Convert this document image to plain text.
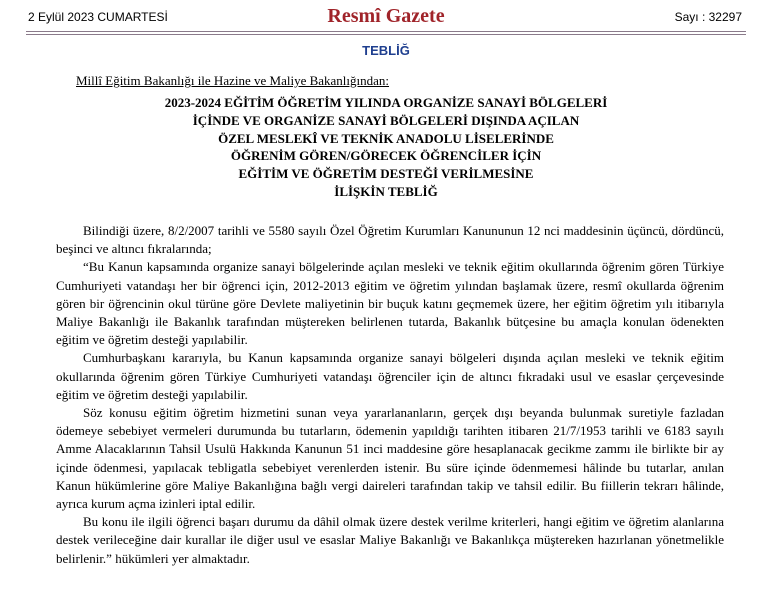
2 Eylül 2023 CUMARTESİ	Resmî Gazete	Sayı : 32297
TEBLİĞ
Millî Eğitim Bakanlığı ile Hazine ve Maliye Bakanlığından:
2023-2024 EĞİTİM ÖĞRETİM YILINDA ORGANİZE SANAYİ BÖLGELERİ
İÇİNDE VE ORGANİZE SANAYİ BÖLGELERİ DIŞINDA AÇILAN
ÖZEL MESLEKÎ VE TEKNİK ANADOLU LİSELERİNDE
ÖĞRENİM GÖREN/GÖRECEK ÖĞRENCİLER İÇİN
EĞİTİM VE ÖĞRETİM DESTEĞİ VERİLMESİNE
İLİŞKİN TEBLİĞ

Bilindiği üzere, 8/2/2007 tarihli ve 5580 sayılı Özel Öğretim Kurumları Kanununun 12 nci maddesinin üçüncü, dördüncü, beşinci ve altıncı fıkralarında;

“Bu Kanun kapsamında organize sanayi bölgelerinde açılan mesleki ve teknik eğitim okullarında öğrenim gören Türkiye Cumhuriyeti vatandaşı her bir öğrenci için, 2012-2013 eğitim ve öğretim yılından başlamak üzere, resmî okullarda öğrenim gören bir öğrencinin okul türüne göre Devlete maliyetinin bir buçuk katını geçmemek üzere, her eğitim öğretim yılı itibarıyla Maliye Bakanlığı ile Bakanlık tarafından müştereken belirlenen tutarda, Bakanlık bütçesine bu amaçla konulan ödenekten eğitim ve öğretim desteği yapılabilir.

Cumhurbaşkanı kararıyla, bu Kanun kapsamında organize sanayi bölgeleri dışında açılan mesleki ve teknik eğitim okullarında öğrenim gören Türkiye Cumhuriyeti vatandaşı öğrenciler için de altıncı fıkradaki usul ve esaslar çerçevesinde eğitim ve öğretim desteği yapılabilir.

Söz konusu eğitim öğretim hizmetini sunan veya yararlananların, gerçek dışı beyanda bulunmak suretiyle fazladan ödemeye sebebiyet vermeleri durumunda bu tutarların, ödemenin yapıldığı tarihten itibaren 21/7/1953 tarihli ve 6183 sayılı Amme Alacaklarının Tahsil Usulü Hakkında Kanunun 51 inci maddesine göre hesaplanacak gecikme zammı ile birlikte bir ay içinde ödenmesi, yapılacak tebligatla sebebiyet verenlerden istenir. Bu süre içinde ödenmemesi hâlinde bu tutarlar, anılan Kanun hükümlerine göre Maliye Bakanlığına bağlı vergi daireleri tarafından takip ve tahsil edilir. Bu fiillerin tekrarı hâlinde, ayrıca kurum açma izinleri iptal edilir.

Bu konu ile ilgili öğrenci başarı durumu da dâhil olmak üzere destek verilme kriterleri, hangi eğitim ve öğretim alanlarına destek verileceğine dair kurallar ile diğer usul ve esaslar Maliye Bakanlığı ve Bakanlıkça müştereken hazırlanan yönetmelikle belirlenir.” hükümleri yer almaktadır.
